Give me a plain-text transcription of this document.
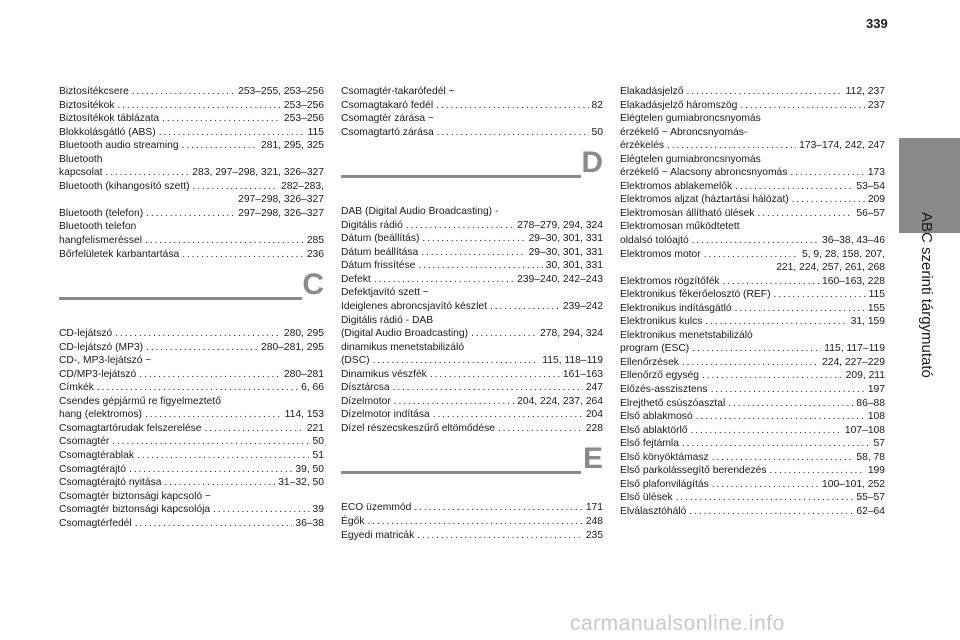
339
Biztosítékcsere . . .	253–255, 253–256
Biztosítékok . . .	253–256
Biztosítékok táblázata . . .	253–256
Blokkolásgátló (ABS) . . .	115
Bluetooth audio streaming . . .	281, 295, 325
Bluetooth
kapcsolat . . .	283, 297–298, 321, 326–327
Bluetooth (kihangosító szett) . . .	282–283,
297–298, 326–327
Bluetooth (telefon) . . .	297–298, 326–327
Bluetooth telefon
hangfelismeréssel . . .	285
Bőrfelületek karbantartása . . .	236
C
CD-lejátszó . . .	280, 295
CD-lejátszó (MP3) . . .	280–281, 295
CD-, MP3-lejátszó ~
CD/MP3-lejátszó . . .	280–281
Címkék . . .	6, 66
Csendes gépjármű re figyelmeztető
hang (elektromos) . . .	114, 153
Csomagtartórudak felszerelése . . .	221
Csomagtér . . .	50
Csomagtérablak . . .	51
Csomagtérajtó . . .	39, 50
Csomagtérajtó nyitása . . .	31–32, 50
Csomagtér biztonsági kapcsoló ~
Csomagtér biztonsági kapcsolója . . .	39
Csomagtérfedél . . .	36–38
Csomagtér-takarófedél ~
Csomagtakaró fedél . . .	82
Csomagtér zárása ~
Csomagtartó zárása . . .	50
D
DAB (Digital Audio Broadcasting) -
Digitális rádió . . .	278–279, 294, 324
Dátum (beállítás) . . .	29–30, 301, 331
Dátum beállítása . . .	29–30, 301, 331
Dátum frissítése . . .	30, 301, 331
Defekt . . .	239–240, 242–243
Defektjavító szett ~
Ideiglenes abroncsjavító készlet . . .	239–242
Digitális rádió - DAB
(Digital Audio Broadcasting) . . .	278, 294, 324
dinamikus menetstabilizáló
(DSC) . . .	115, 118–119
Dinamikus vészfék . . .	161–163
Dísztárcsa . . .	247
Dízelmotor . . .	204, 224, 237, 264
Dízelmotor indítása . . .	204
Dízel részecskeszűrő eltömődése . . .	228
E
ECO üzemmód . . .	171
Égők . . .	248
Egyedi matricák . . .	235
Elakadásjelző . . .	112, 237
Elakadásjelző háromszög . . .	237
Elégtelen gumiabroncsnyomás
érzékelő ~ Abroncsnyomás-
érzékelés . . .	173–174, 242, 247
Elégtelen gumiabroncsnyomás
érzékelő ~ Alacsony abroncsnyomás . . .	173
Elektromos ablakemelők . . .	53–54
Elektromos aljzat (háztartási hálózat) . . .	209
Elektromosan állítható ülések . . .	56–57
Elektromosan működtetett
oldalsó tolóajtó . . .	36–38, 43–46
Elektromos motor . . .	5, 9, 28, 158, 207,
221, 224, 257, 261, 268
Elektromos rögzítőfék . . .	160–163, 228
Elektronikus fékerőelosztó (REF) . . .	115
Elektronikus indításgátló . . .	155
Elektronikus kulcs . . .	31, 159
Elektronikus menetstabilizáló
program (ESC) . . .	115, 117–119
Ellenőrzések . . .	224, 227–229
Ellenőrző egység . . .	209, 211
Előzés-asszisztens . . .	197
Elrejthető csúszóasztal . . .	86–88
Első ablakmosó . . .	108
Első ablaktörlő . . .	107–108
Első fejtámla . . .	57
Első könyöktámasz . . .	58, 78
Első parkolássegítő berendezés . . .	199
Első plafonvilágítás . . .	100–101, 252
Első ülések . . .	55–57
Elválasztóháló . . .	62–64
ABC szerinti tárgymutató
carmanualsonline.info
